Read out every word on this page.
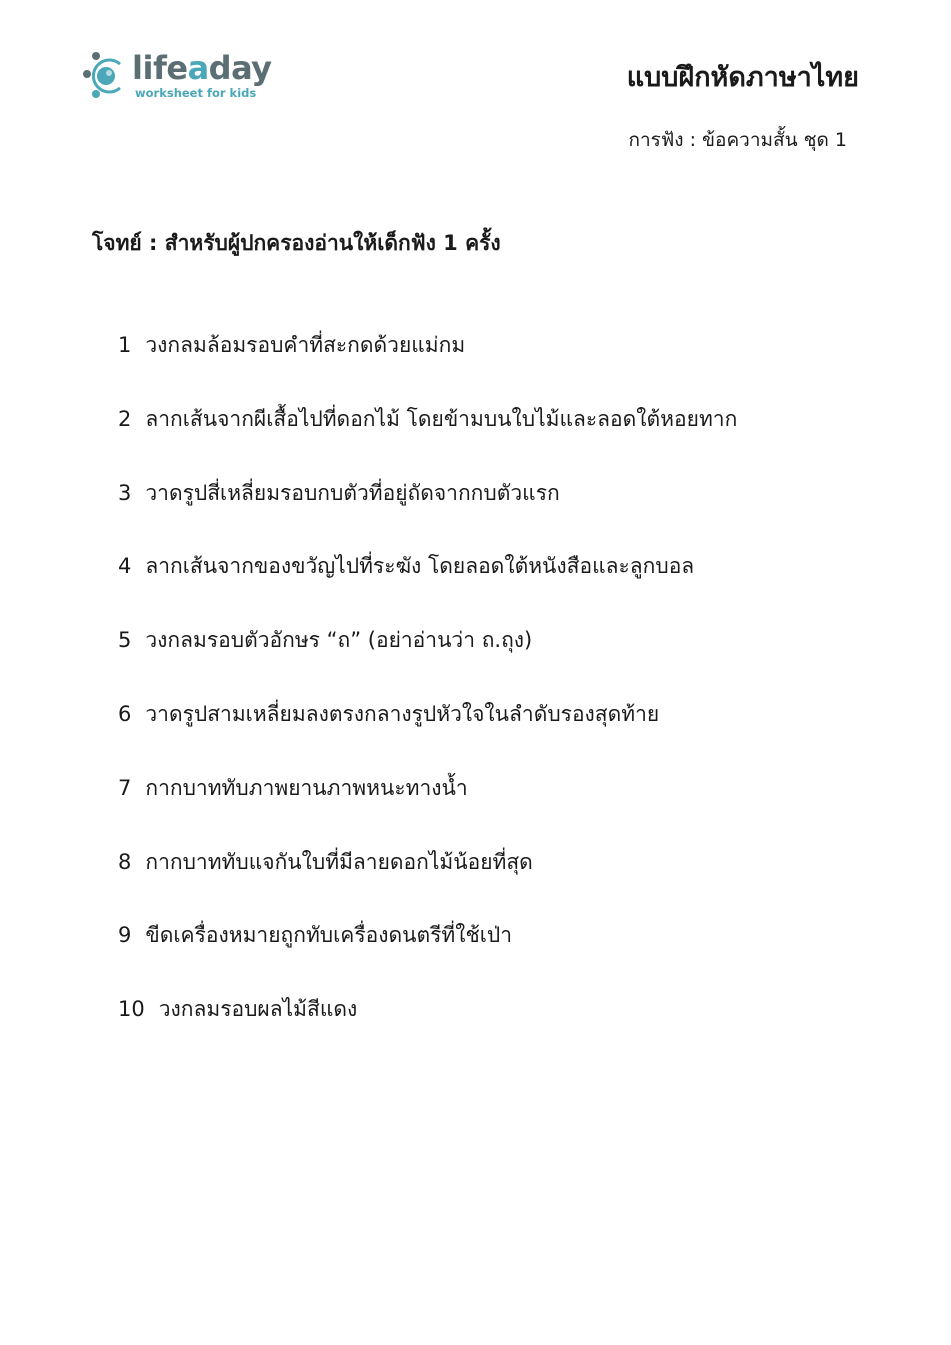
lifeaday
worksheet for kids	แบบฝึกหัดภาษาไทย
การฟัง : ข้อความสั้น ชุด 1
โจทย์ : สำหรับผู้ปกครองอ่านให้เด็กฟัง 1 ครั้ง
1 วงกลมล้อมรอบคำที่สะกดด้วยแม่กม
2 ลากเส้นจากผีเสื้อไปที่ดอกไม้ โดยข้ามบนใบไม้และลอดใต้หอยทาก
3 วาดรูปสี่เหลี่ยมรอบกบตัวที่อยู่ถัดจากกบตัวแรก
4 ลากเส้นจากของขวัญไปที่ระฆัง โดยลอดใต้หนังสือและลูกบอล
5 วงกลมรอบตัวอักษร “ถ” (อย่าอ่านว่า ถ.ถุง)
6 วาดรูปสามเหลี่ยมลงตรงกลางรูปหัวใจในลำดับรองสุดท้าย
7 กากบาททับภาพยานภาพหนะทางน้ำ
8 กากบาททับแจกันใบที่มีลายดอกไม้น้อยที่สุด
9 ขีดเครื่องหมายถูกทับเครื่องดนตรีที่ใช้เป่า
10 วงกลมรอบผลไม้สีแดง
